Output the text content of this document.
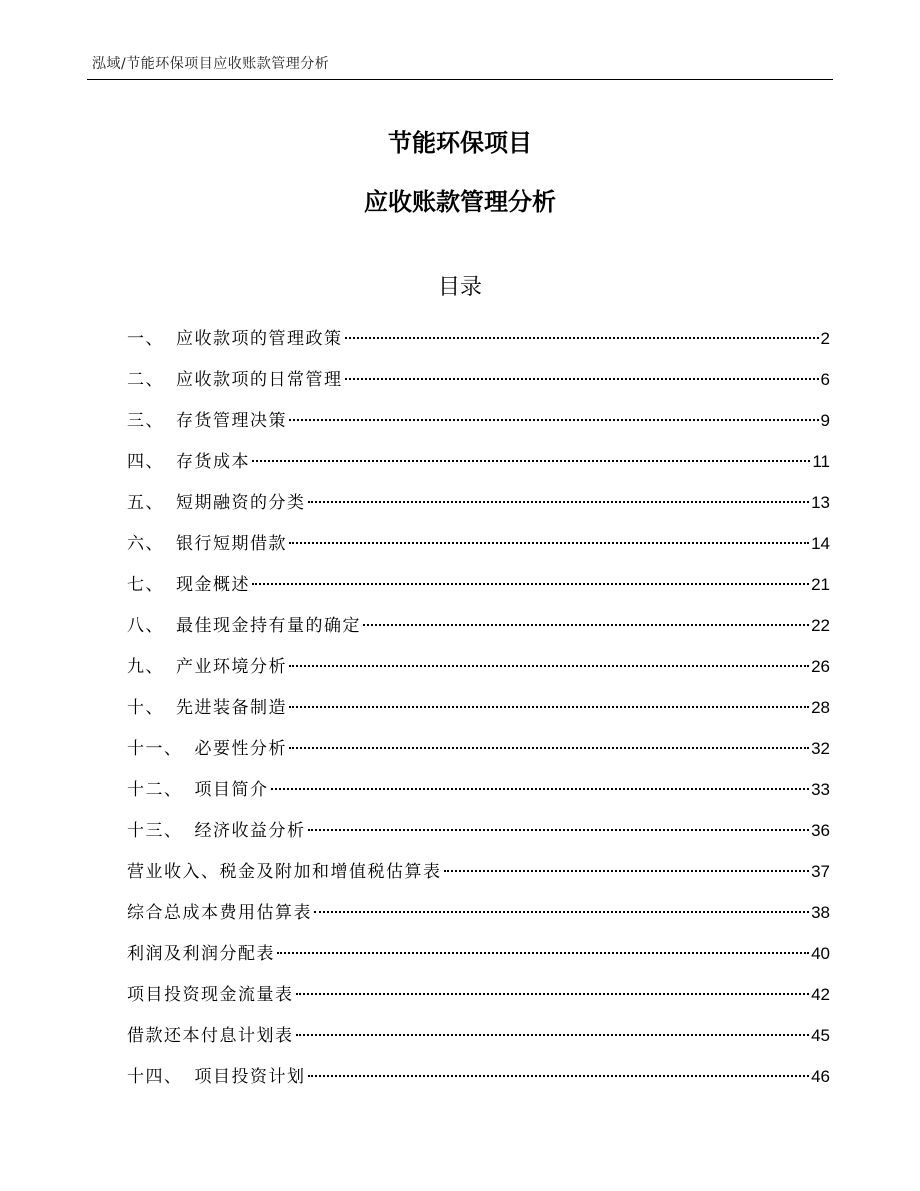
泓域/节能环保项目应收账款管理分析
节能环保项目
应收账款管理分析
目录
一、 应收款项的管理政策	2
二、 应收款项的日常管理	6
三、 存货管理决策	9
四、 存货成本	11
五、 短期融资的分类	13
六、 银行短期借款	14
七、 现金概述	21
八、 最佳现金持有量的确定	22
九、 产业环境分析	26
十、 先进装备制造	28
十一、 必要性分析	32
十二、 项目简介	33
十三、 经济收益分析	36
营业收入、税金及附加和增值税估算表	37
综合总成本费用估算表	38
利润及利润分配表	40
项目投资现金流量表	42
借款还本付息计划表	45
十四、 项目投资计划	46
